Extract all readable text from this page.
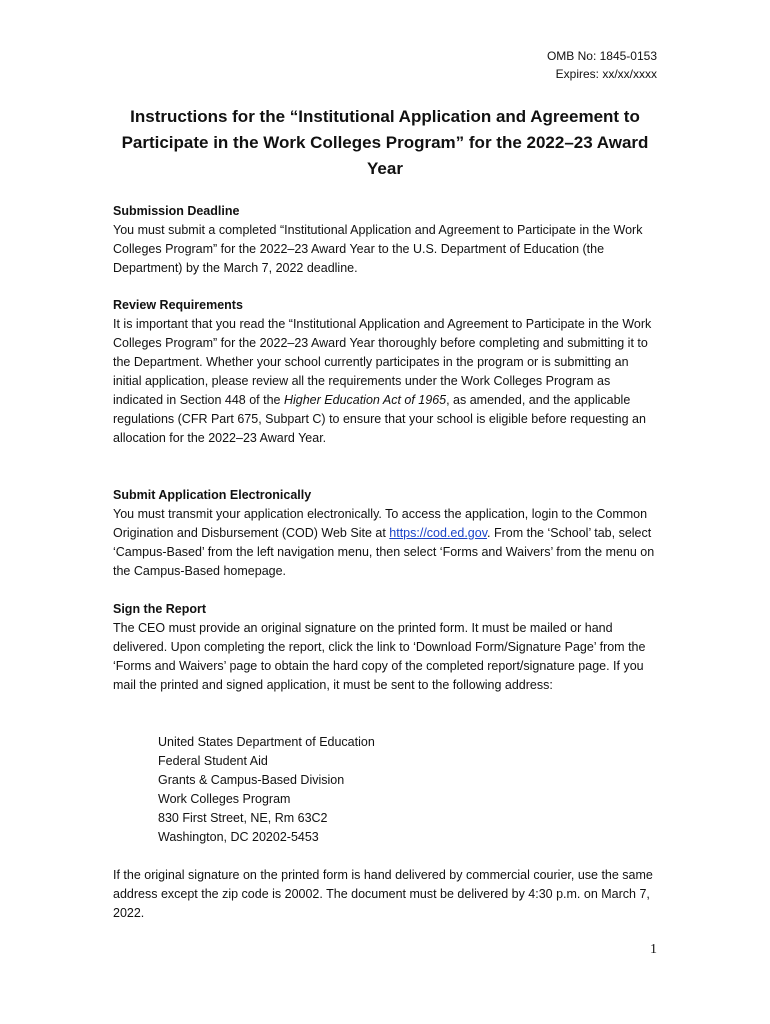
OMB No: 1845-0153
Expires: xx/xx/xxxx
Instructions for the “Institutional Application and Agreement to Participate in the Work Colleges Program” for the 2022–23 Award Year
Submission Deadline
You must submit a completed “Institutional Application and Agreement to Participate in the Work Colleges Program” for the 2022–23 Award Year to the U.S. Department of Education (the Department) by the March 7, 2022 deadline.
Review Requirements
It is important that you read the “Institutional Application and Agreement to Participate in the Work Colleges Program” for the 2022–23 Award Year thoroughly before completing and submitting it to the Department. Whether your school currently participates in the program or is submitting an initial application, please review all the requirements under the Work Colleges Program as indicated in Section 448 of the Higher Education Act of 1965, as amended, and the applicable regulations (CFR Part 675, Subpart C) to ensure that your school is eligible before requesting an allocation for the 2022–23 Award Year.
Submit Application Electronically
You must transmit your application electronically. To access the application, login to the Common Origination and Disbursement (COD) Web Site at https://cod.ed.gov. From the ‘School’ tab, select ‘Campus-Based’ from the left navigation menu, then select ‘Forms and Waivers’ from the menu on the Campus-Based homepage.
Sign the Report
The CEO must provide an original signature on the printed form. It must be mailed or hand delivered. Upon completing the report, click the link to ‘Download Form/Signature Page’ from the ‘Forms and Waivers’ page to obtain the hard copy of the completed report/signature page. If you mail the printed and signed application, it must be sent to the following address:
United States Department of Education
Federal Student Aid
Grants & Campus-Based Division
Work Colleges Program
830 First Street, NE, Rm 63C2
Washington, DC 20202-5453
If the original signature on the printed form is hand delivered by commercial courier, use the same address except the zip code is 20002. The document must be delivered by 4:30 p.m. on March 7, 2022.
1
